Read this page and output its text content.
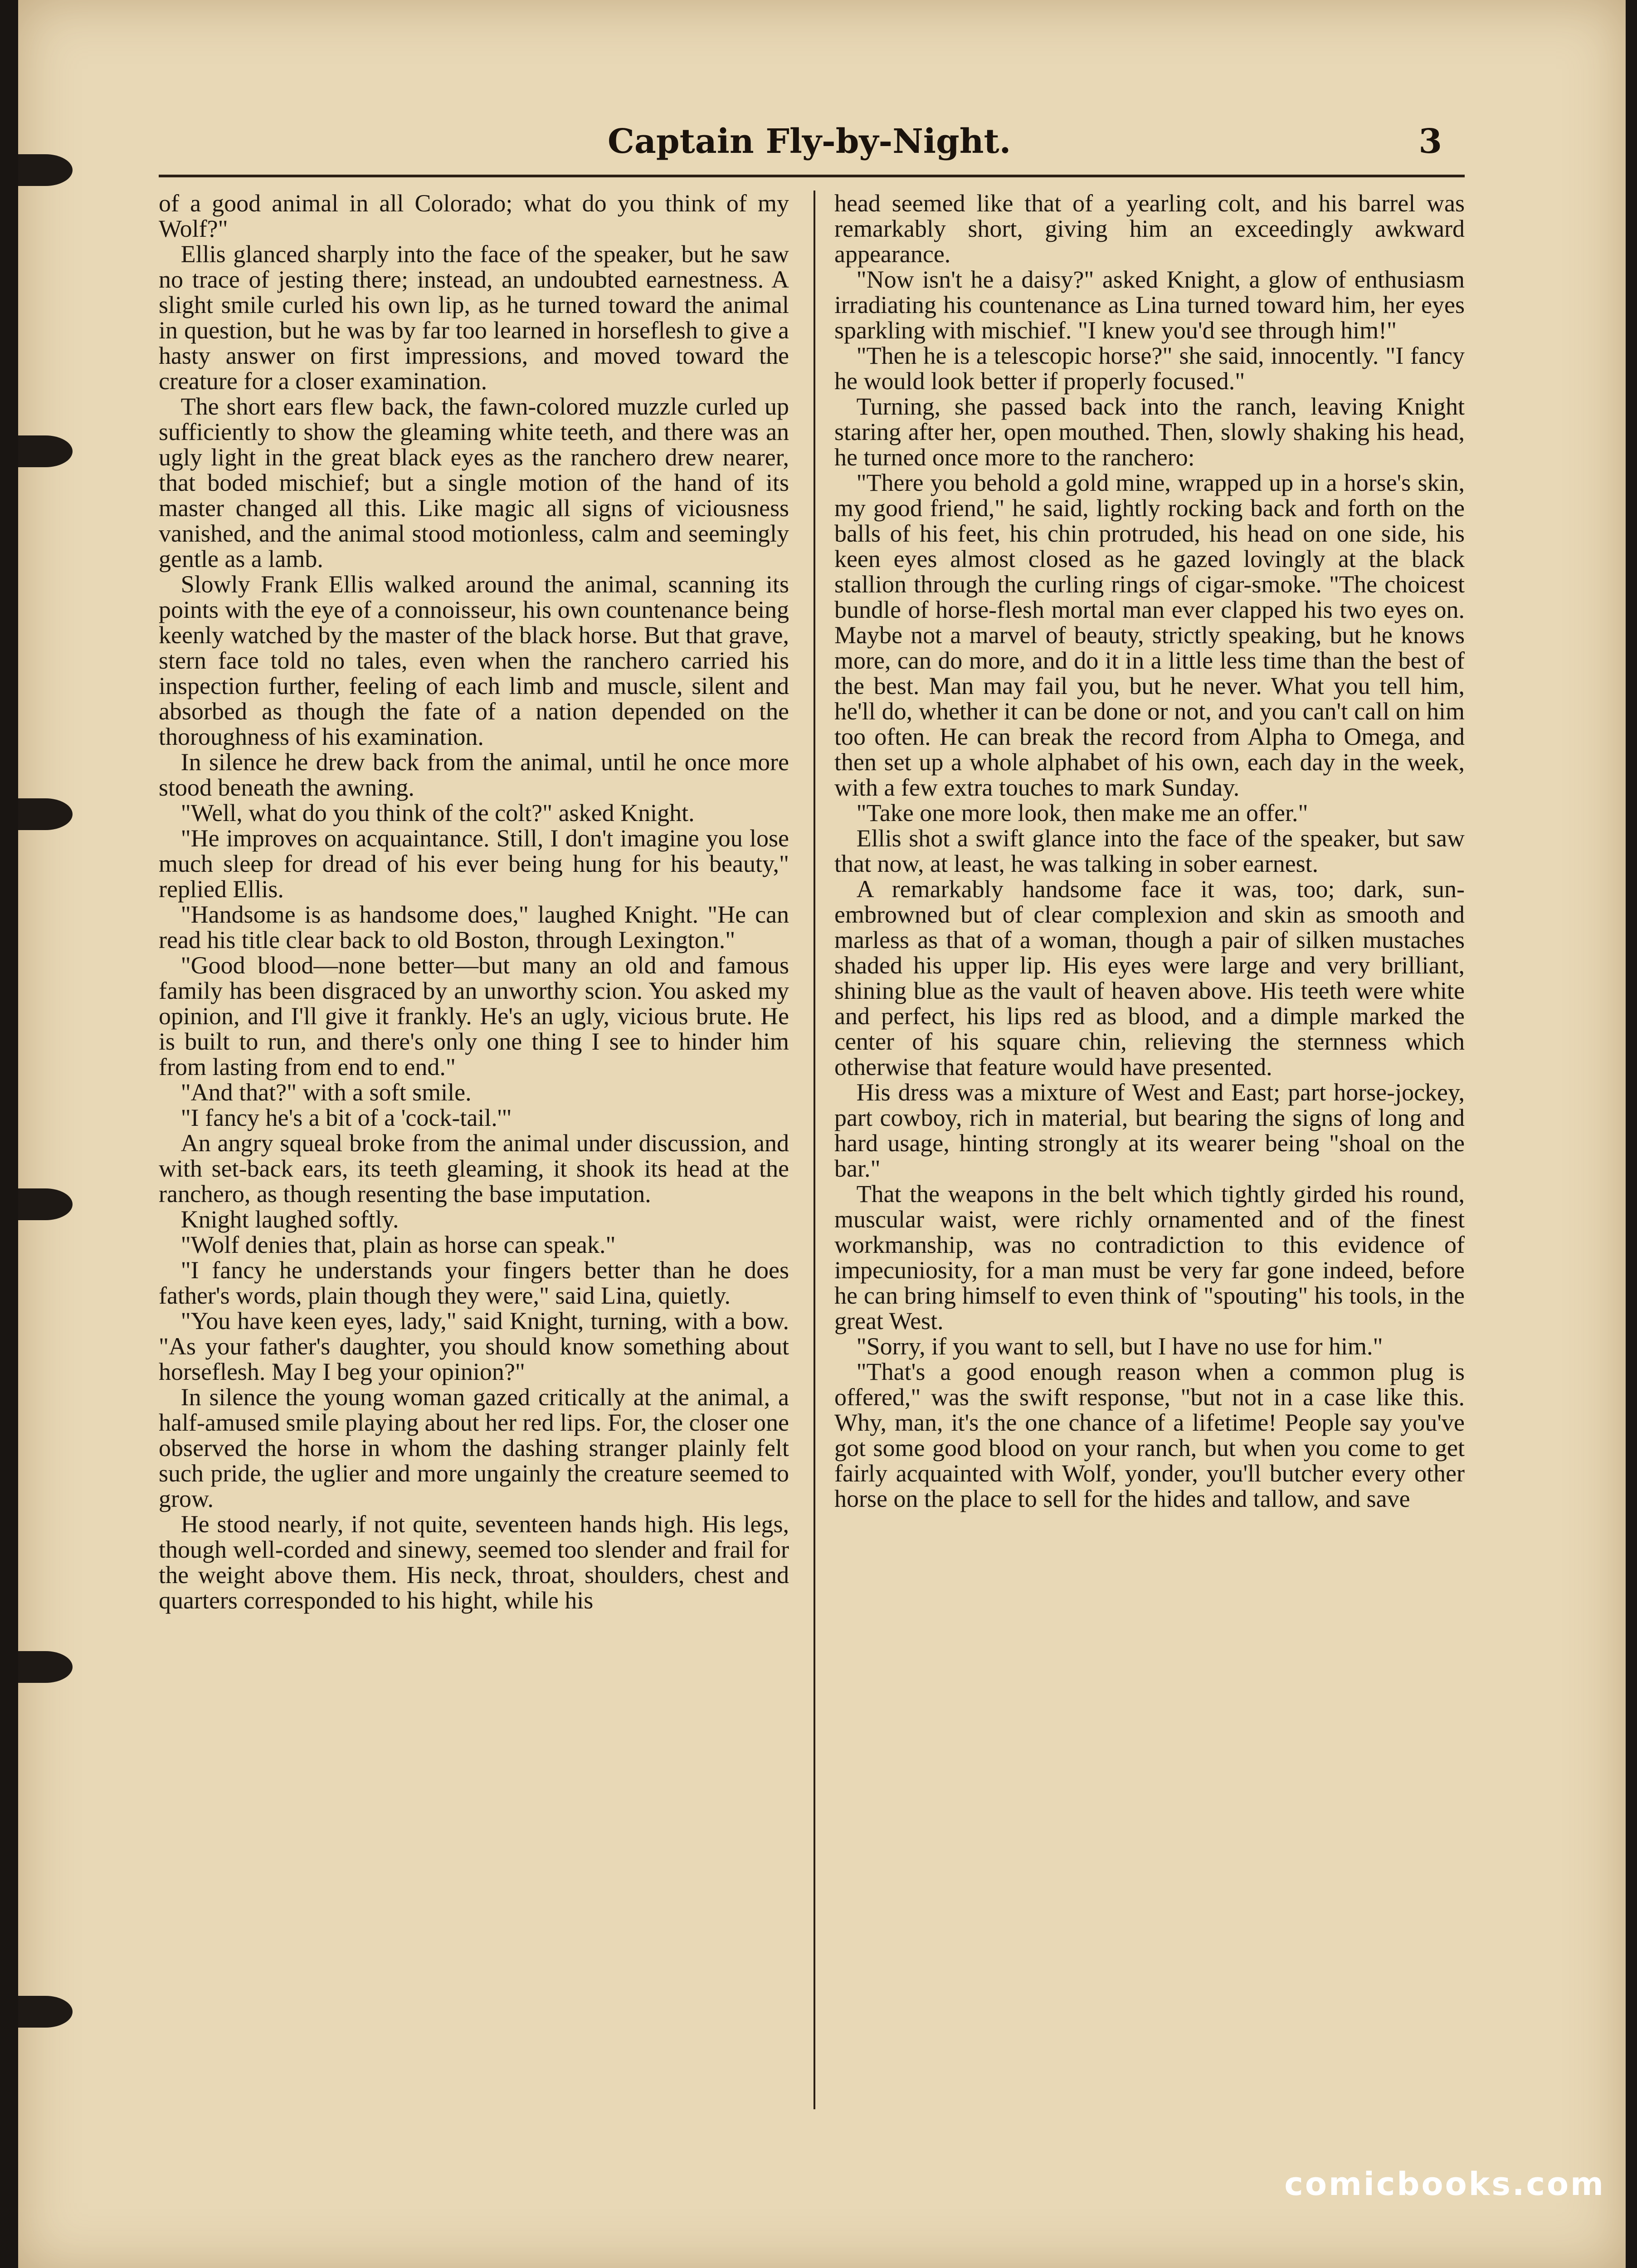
Captain Fly-by-Night.	3

of a good animal in all Colorado; what do you think of my Wolf?"

Ellis glanced sharply into the face of the speaker, but he saw no trace of jesting there; instead, an undoubted earnestness. A slight smile curled his own lip, as he turned toward the animal in question, but he was by far too learned in horseflesh to give a hasty answer on first impressions, and moved toward the creature for a closer examination.

The short ears flew back, the fawn-colored muzzle curled up sufficiently to show the gleaming white teeth, and there was an ugly light in the great black eyes as the ranchero drew nearer, that boded mischief; but a single motion of the hand of its master changed all this. Like magic all signs of viciousness vanished, and the animal stood motionless, calm and seemingly gentle as a lamb.

Slowly Frank Ellis walked around the animal, scanning its points with the eye of a connoisseur, his own countenance being keenly watched by the master of the black horse. But that grave, stern face told no tales, even when the ranchero carried his inspection further, feeling of each limb and muscle, silent and absorbed as though the fate of a nation depended on the thoroughness of his examination.

In silence he drew back from the animal, until he once more stood beneath the awning.

"Well, what do you think of the colt?" asked Knight.

"He improves on acquaintance. Still, I don't imagine you lose much sleep for dread of his ever being hung for his beauty," replied Ellis.

"Handsome is as handsome does," laughed Knight. "He can read his title clear back to old Boston, through Lexington."

"Good blood—none better—but many an old and famous family has been disgraced by an unworthy scion. You asked my opinion, and I'll give it frankly. He's an ugly, vicious brute. He is built to run, and there's only one thing I see to hinder him from lasting from end to end."

"And that?" with a soft smile.

"I fancy he's a bit of a 'cock-tail.'"

An angry squeal broke from the animal under discussion, and with set-back ears, its teeth gleaming, it shook its head at the ranchero, as though resenting the base imputation.

Knight laughed softly.

"Wolf denies that, plain as horse can speak."

"I fancy he understands your fingers better than he does father's words, plain though they were," said Lina, quietly.

"You have keen eyes, lady," said Knight, turning, with a bow. "As your father's daughter, you should know something about horseflesh. May I beg your opinion?"

In silence the young woman gazed critically at the animal, a half-amused smile playing about her red lips. For, the closer one observed the horse in whom the dashing stranger plainly felt such pride, the uglier and more ungainly the creature seemed to grow.

He stood nearly, if not quite, seventeen hands high. His legs, though well-corded and sinewy, seemed too slender and frail for the weight above them. His neck, throat, shoulders, chest and quarters corresponded to his hight, while his

head seemed like that of a yearling colt, and his barrel was remarkably short, giving him an exceedingly awkward appearance.

"Now isn't he a daisy?" asked Knight, a glow of enthusiasm irradiating his countenance as Lina turned toward him, her eyes sparkling with mischief. "I knew you'd see through him!"

"Then he is a telescopic horse?" she said, innocently. "I fancy he would look better if properly focused."

Turning, she passed back into the ranch, leaving Knight staring after her, open mouthed. Then, slowly shaking his head, he turned once more to the ranchero:

"There you behold a gold mine, wrapped up in a horse's skin, my good friend," he said, lightly rocking back and forth on the balls of his feet, his chin protruded, his head on one side, his keen eyes almost closed as he gazed lovingly at the black stallion through the curling rings of cigar-smoke. "The choicest bundle of horse-flesh mortal man ever clapped his two eyes on. Maybe not a marvel of beauty, strictly speaking, but he knows more, can do more, and do it in a little less time than the best of the best. Man may fail you, but he never. What you tell him, he'll do, whether it can be done or not, and you can't call on him too often. He can break the record from Alpha to Omega, and then set up a whole alphabet of his own, each day in the week, with a few extra touches to mark Sunday.

"Take one more look, then make me an offer."

Ellis shot a swift glance into the face of the speaker, but saw that now, at least, he was talking in sober earnest.

A remarkably handsome face it was, too; dark, sun-embrowned but of clear complexion and skin as smooth and marless as that of a woman, though a pair of silken mustaches shaded his upper lip. His eyes were large and very brilliant, shining blue as the vault of heaven above. His teeth were white and perfect, his lips red as blood, and a dimple marked the center of his square chin, relieving the sternness which otherwise that feature would have presented.

His dress was a mixture of West and East; part horse-jockey, part cowboy, rich in material, but bearing the signs of long and hard usage, hinting strongly at its wearer being "shoal on the bar."

That the weapons in the belt which tightly girded his round, muscular waist, were richly ornamented and of the finest workmanship, was no contradiction to this evidence of impecuniosity, for a man must be very far gone indeed, before he can bring himself to even think of "spouting" his tools, in the great West.

"Sorry, if you want to sell, but I have no use for him."

"That's a good enough reason when a common plug is offered," was the swift response, "but not in a case like this. Why, man, it's the one chance of a lifetime! People say you've got some good blood on your ranch, but when you come to get fairly acquainted with Wolf, yonder, you'll butcher every other horse on the place to sell for the hides and tallow, and save

comicbooks.com
